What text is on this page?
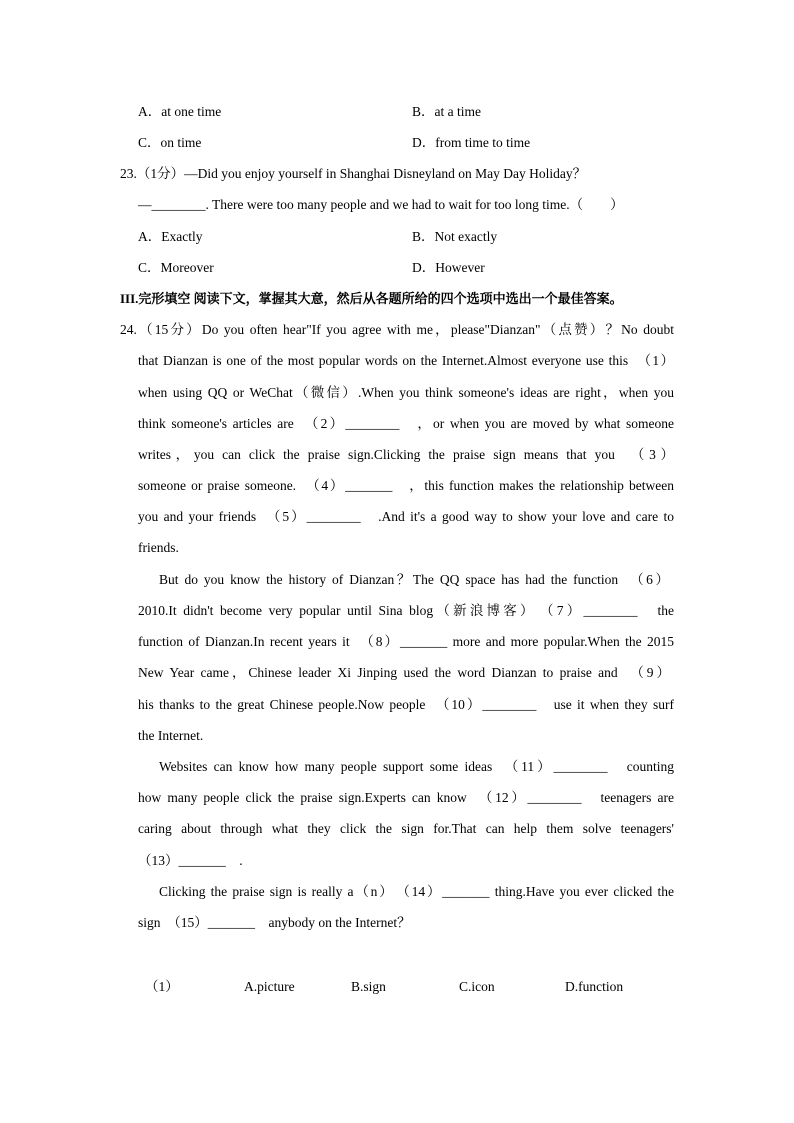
A．at one time	B．at a time
C．on time	D．from time to time
23.（1分）—Did you enjoy yourself in Shanghai Disneyland on May Day Holiday？
—________. There were too many people and we had to wait for too long time.（　　）
A．Exactly	B．Not exactly
C．Moreover	D．However
III.完形填空 阅读下文，掌握其大意，然后从各题所给的四个选项中选出一个最佳答案。
24.（15分）Do you often hear"If you agree with me，please"Dianzan"（点赞）？No doubt
that Dianzan is one of the most popular words on the Internet.Almost everyone use this　（1）
when using QQ or WeChat（微信）.When you think someone's ideas are right，when you
think someone's articles are　（2）________　，or when you are moved by what someone
writes，you can click the praise sign.Clicking the praise sign means that you　（3）
someone or praise someone.　（4）_______　，this function makes the relationship between
you and your friends　（5）________　.And it's a good way to show your love and care to
friends.
But do you know the history of Dianzan？The QQ space has had the function　（6）
2010.It didn't become very popular until Sina blog（新浪博客）　（7）________　the
function of Dianzan.In recent years it　（8）_______ more and more popular.When the 2015
New Year came，Chinese leader Xi Jinping used the word Dianzan to praise and　（9）
his thanks to the great Chinese people.Now people　（10）________　use it when they surf
the Internet.
Websites can know how many people support some ideas　（11）________　counting
how many people click the praise sign.Experts can know　（12）________　teenagers are
caring about through what they click the sign for.That can help them solve teenagers'
（13）_______　.
Clicking the praise sign is really a（n）　（14）_______ thing.Have you ever clicked the
sign　（15）_______　anybody on the Internet？
（1）	A.picture	B.sign	C.icon	D.function
